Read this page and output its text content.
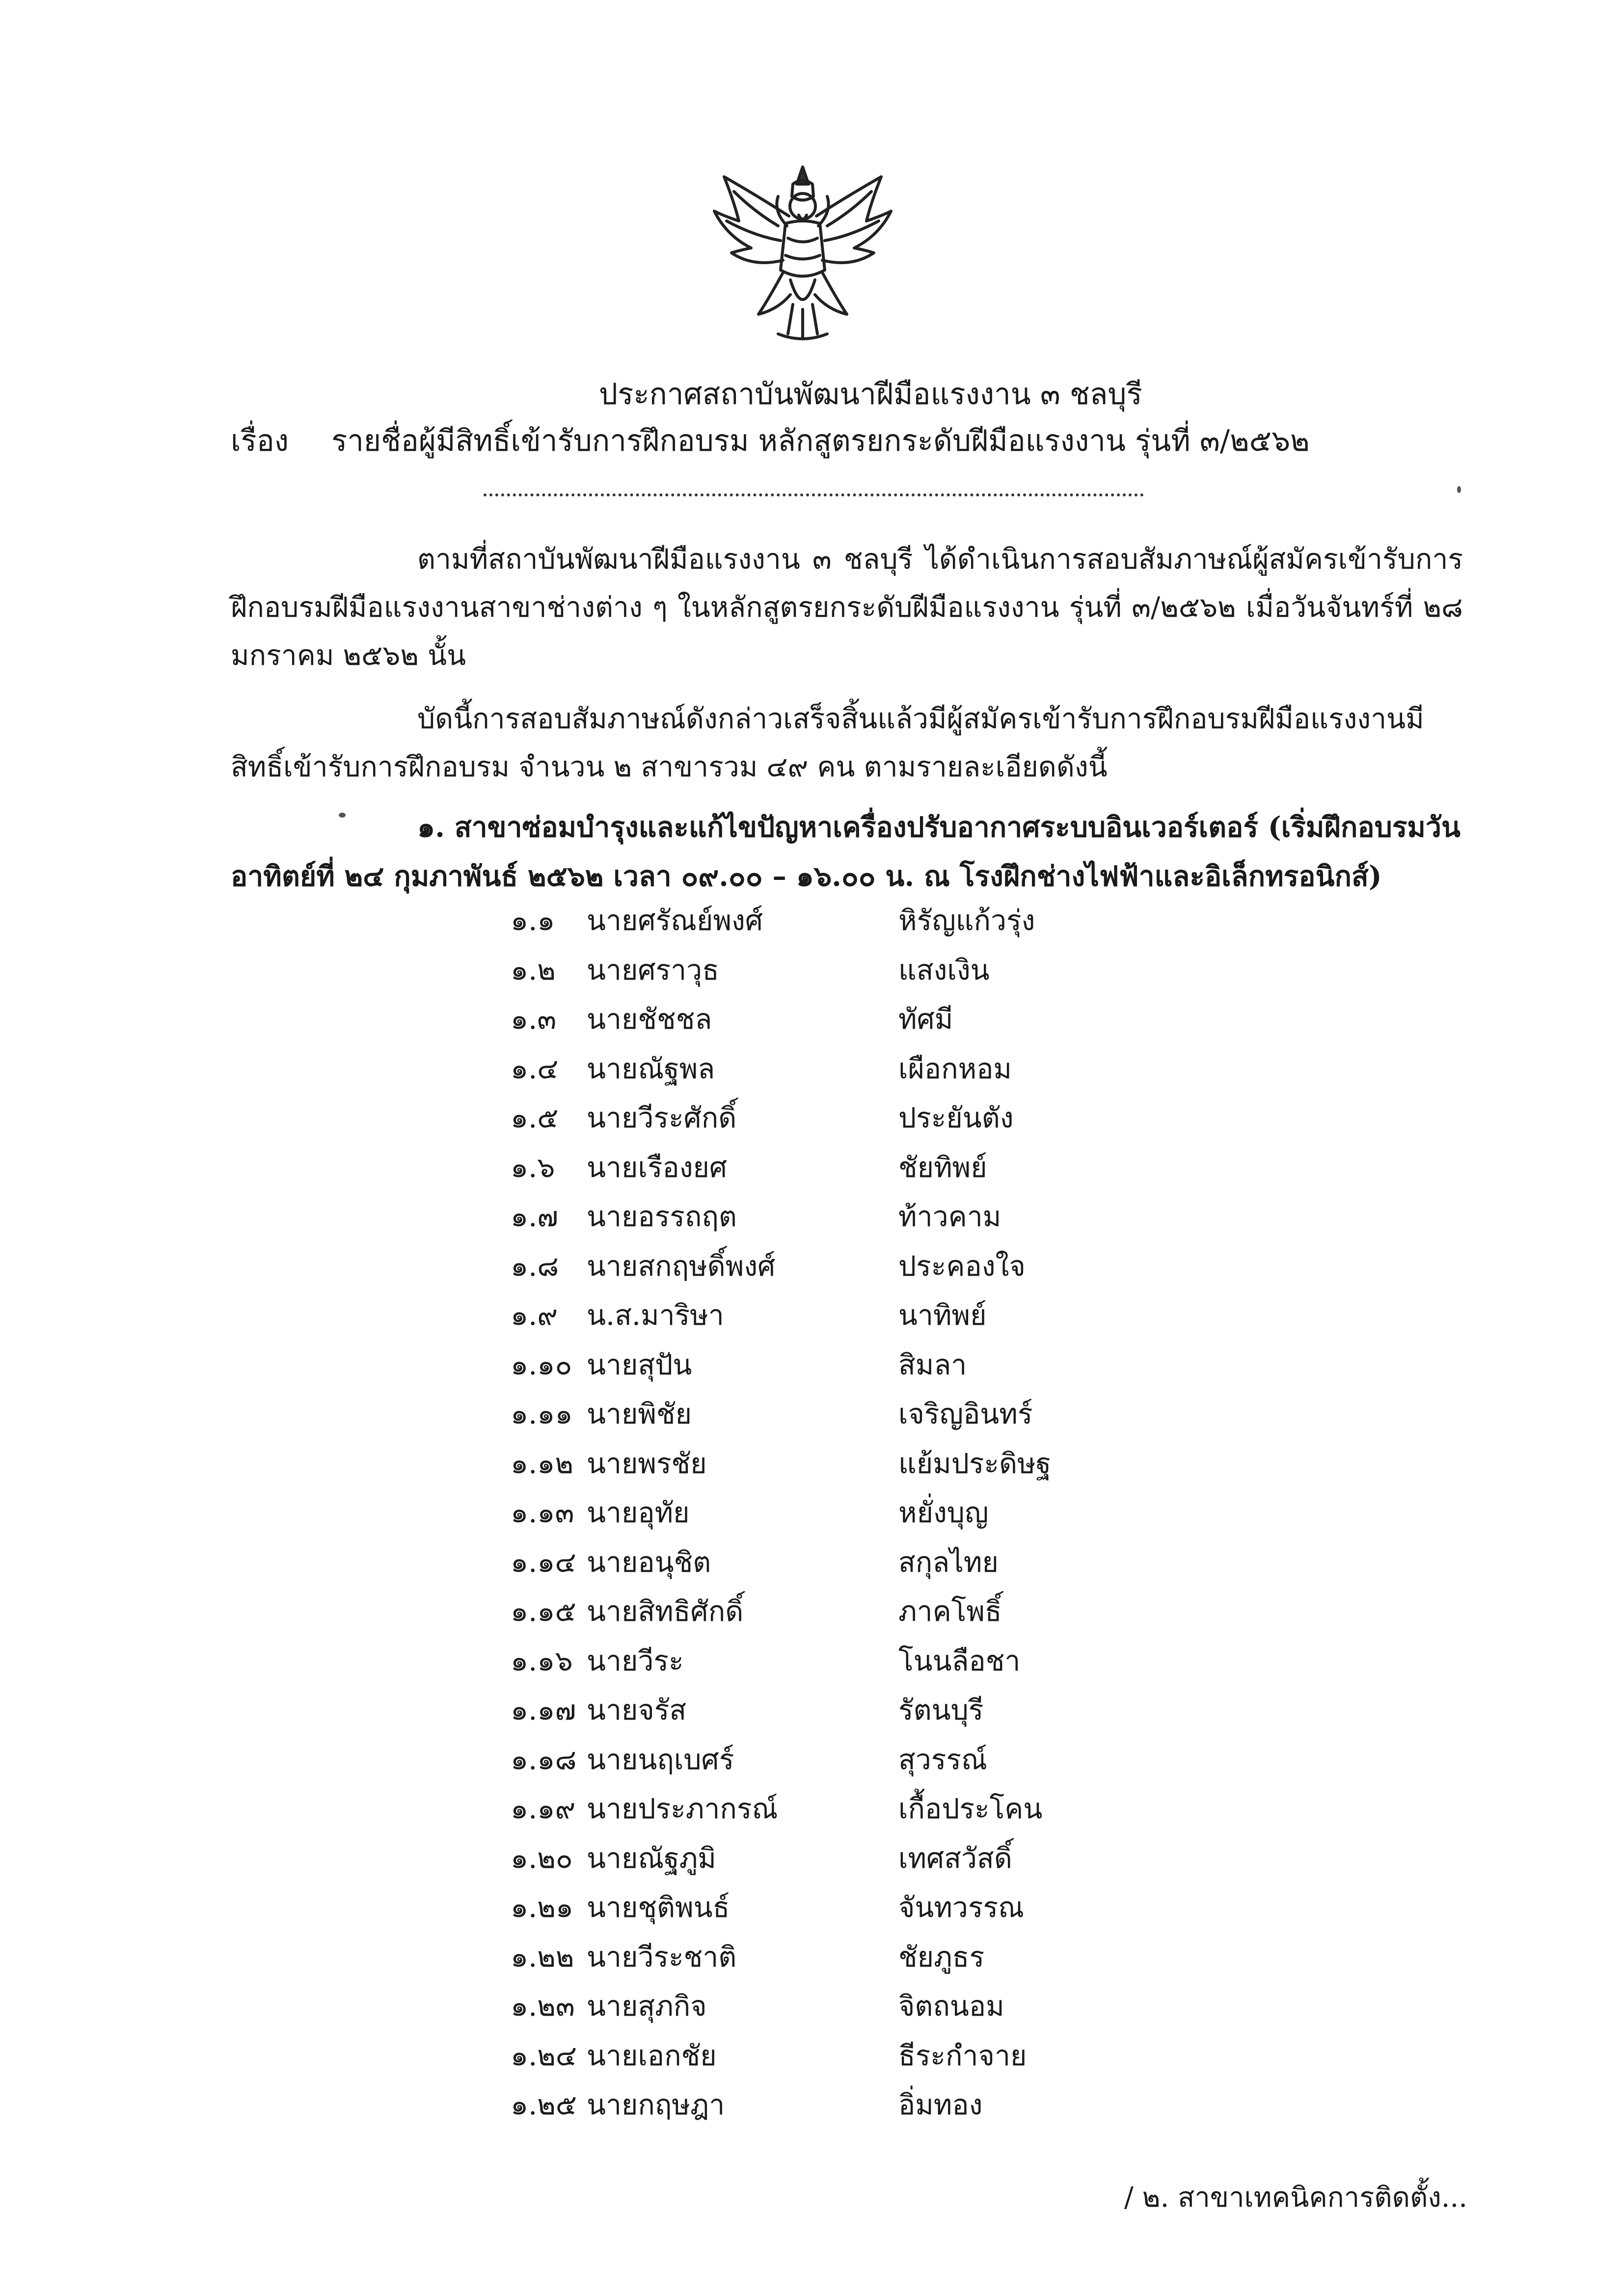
ประกาศสถาบันพัฒนาฝีมือแรงงาน ๓ ชลบุรี
เรื่อง รายชื่อผู้มีสิทธิ์เข้ารับการฝึกอบรม หลักสูตรยกระดับฝีมือแรงงาน รุ่นที่ ๓/๒๕๖๒
ตามที่สถาบันพัฒนาฝีมือแรงงาน ๓ ชลบุรี ได้ดำเนินการสอบสัมภาษณ์ผู้สมัครเข้ารับการฝึกอบรมฝีมือแรงงานสาขาช่างต่าง ๆ ในหลักสูตรยกระดับฝีมือแรงงาน รุ่นที่ ๓/๒๕๖๒ เมื่อวันจันทร์ที่ ๒๘ มกราคม ๒๕๖๒ นั้น
บัดนี้การสอบสัมภาษณ์ดังกล่าวเสร็จสิ้นแล้วมีผู้สมัครเข้ารับการฝึกอบรมฝีมือแรงงานมีสิทธิ์เข้ารับการฝึกอบรม จำนวน ๒ สาขารวม ๔๙ คน ตามรายละเอียดดังนี้
๑. สาขาซ่อมบำรุงและแก้ไขปัญหาเครื่องปรับอากาศระบบอินเวอร์เตอร์ (เริ่มฝึกอบรมวันอาทิตย์ที่ ๒๔ กุมภาพันธ์ ๒๕๖๒ เวลา ๐๙.๐๐ – ๑๖.๐๐ น. ณ โรงฝึกช่างไฟฟ้าและอิเล็กทรอนิกส์)
๑.๑ นายศรัณย์พงศ์	หิรัญแก้วรุ่ง
๑.๒ นายศราวุธ	แสงเงิน
๑.๓ นายชัชชล	ทัศมี
๑.๔ นายณัฐพล	เผือกหอม
๑.๕ นายวีระศักดิ์	ประยันตัง
๑.๖ นายเรืองยศ	ชัยทิพย์
๑.๗ นายอรรถฤต	ท้าวคาม
๑.๘ นายสกฤษดิ์พงศ์	ประคองใจ
๑.๙ น.ส.มาริษา	นาทิพย์
๑.๑๐ นายสุปัน	สิมลา
๑.๑๑ นายพิชัย	เจริญอินทร์
๑.๑๒ นายพรชัย	แย้มประดิษฐ
๑.๑๓ นายอุทัย	หยั่งบุญ
๑.๑๔ นายอนุชิต	สกุลไทย
๑.๑๕ นายสิทธิศักดิ์	ภาคโพธิ์
๑.๑๖ นายวีระ	โนนลือชา
๑.๑๗ นายจรัส	รัตนบุรี
๑.๑๘ นายนฤเบศร์	สุวรรณ์
๑.๑๙ นายประภากรณ์	เกื้อประโคน
๑.๒๐ นายณัฐภูมิ	เทศสวัสดิ์
๑.๒๑ นายชุติพนธ์	จันทวรรณ
๑.๒๒ นายวีระชาติ	ชัยภูธร
๑.๒๓ นายสุภกิจ	จิตถนอม
๑.๒๔ นายเอกชัย	ธีระกำจาย
๑.๒๕ นายกฤษฎา	อิ่มทอง
/ ๒. สาขาเทคนิคการติดตั้ง...
